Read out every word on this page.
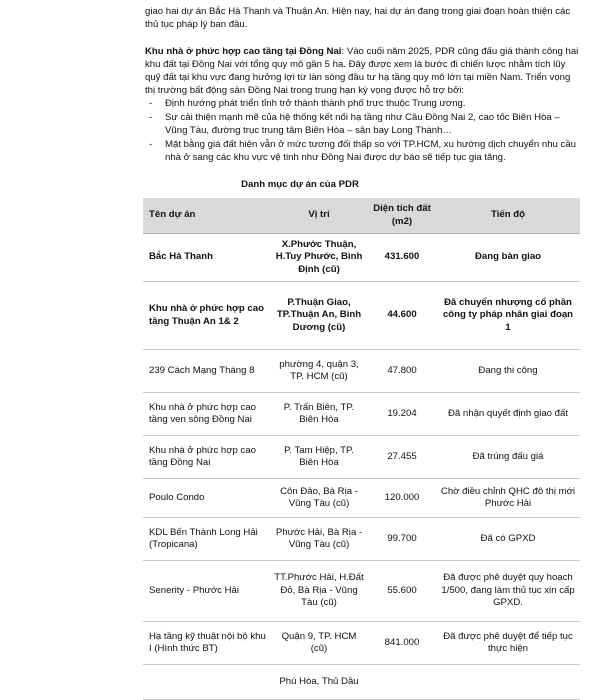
giao hai dự án Bắc Hà Thanh và Thuận An. Hiện nay, hai dự án đang trong giai đoạn hoàn thiện các thủ tục pháp lý ban đầu.

Khu nhà ở phức hợp cao tầng tại Đồng Nai: Vào cuối năm 2025, PDR cũng đấu giá thành công hai khu đất tại Đồng Nai với tổng quy mô gần 5 ha. Đây được xem là bước đi chiến lược nhằm tích lũy quỹ đất tại khu vực đang hưởng lợi từ làn sóng đầu tư hạ tầng quy mô lớn tại miền Nam. Triển vọng thị trường bất động sản Đồng Nai trong trung hạn kỳ vọng được hỗ trợ bởi:

- Định hướng phát triển tỉnh trở thành thành phố trực thuộc Trung ương.
- Sự cải thiện mạnh mẽ của hệ thống kết nối hạ tầng như Cầu Đồng Nai 2, cao tốc Biên Hòa – Vũng Tàu, đường trục trung tâm Biên Hòa – sân bay Long Thành…
- Mặt bằng giá đất hiện vẫn ở mức tương đối thấp so với TP.HCM, xu hướng dịch chuyển nhu cầu nhà ở sang các khu vực vệ tinh như Đồng Nai được dự báo sẽ tiếp tục gia tăng.
Danh mục dự án của PDR
Tên dự án	Vị trí	Diện tích đất (m2)	Tiến độ
Bắc Hà Thanh	X.Phước Thuận, H.Tuy Phước, Bình Định (cũ)	431.600	Đang bàn giao
Khu nhà ở phức hợp cao tầng Thuận An 1& 2	P.Thuận Giao, TP.Thuận An, Bình Dương (cũ)	44.600	Đã chuyển nhượng cổ phần công ty pháp nhân giai đoạn 1
239 Cách Mạng Tháng 8	phường 4, quận 3, TP. HCM (cũ)	47.800	Đang thi công
Khu nhà ở phức hợp cao tầng ven sông Đồng Nai	P. Trấn Biên, TP. Biên Hòa	19.204	Đã nhận quyết định giao đất
Khu nhà ở phức hợp cao tầng Đồng Nai	P. Tam Hiệp, TP. Biên Hòa	27.455	Đã trúng đấu giá
Poulo Condo	Côn Đảo, Bà Rịa - Vũng Tàu (cũ)	120.000	Chờ điều chỉnh QHC đô thị mới Phước Hải
KDL Bến Thành Long Hải (Tropicana)	Phước Hải, Bà Rịa - Vũng Tàu (cũ)	99.700	Đã có GPXD
Senerity - Phước Hải	TT.Phước Hải, H.Đất Đỏ, Bà Rịa - Vũng Tàu (cũ)	55.600	Đã được phê duyệt quy hoạch 1/500, đang làm thủ tục xin cấp GPXD.
Hạ tầng kỹ thuật nội bộ khu I (Hình thức BT)	Quận 9, TP. HCM (cũ)	841.000	Đã được phê duyệt để tiếp tục thực hiện
	Phú Hòa, Thủ Dầu		
